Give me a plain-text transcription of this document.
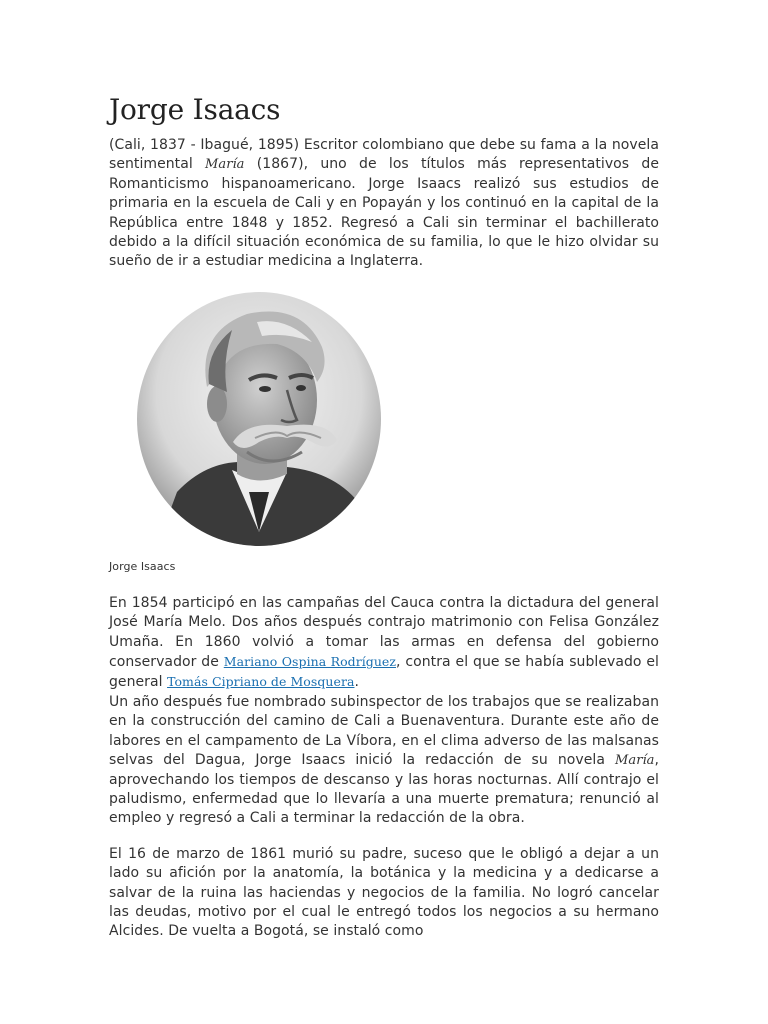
Jorge Isaacs

(Cali, 1837 - Ibagué, 1895) Escritor colombiano que debe su fama a la novela sentimental María (1867), uno de los títulos más representativos de Romanticismo hispanoamericano. Jorge Isaacs realizó sus estudios de primaria en la escuela de Cali y en Popayán y los continuó en la capital de la República entre 1848 y 1852. Regresó a Cali sin terminar el bachillerato debido a la difícil situación económica de su familia, lo que le hizo olvidar su sueño de ir a estudiar medicina a Inglaterra.

Jorge Isaacs

En 1854 participó en las campañas del Cauca contra la dictadura del general José María Melo. Dos años después contrajo matrimonio con Felisa González Umaña. En 1860 volvió a tomar las armas en defensa del gobierno conservador de Mariano Ospina Rodríguez, contra el que se había sublevado el general Tomás Cipriano de Mosquera.
Un año después fue nombrado subinspector de los trabajos que se realizaban en la construcción del camino de Cali a Buenaventura. Durante este año de labores en el campamento de La Víbora, en el clima adverso de las malsanas selvas del Dagua, Jorge Isaacs inició la redacción de su novela María, aprovechando los tiempos de descanso y las horas nocturnas. Allí contrajo el paludismo, enfermedad que lo llevaría a una muerte prematura; renunció al empleo y regresó a Cali a terminar la redacción de la obra.

El 16 de marzo de 1861 murió su padre, suceso que le obligó a dejar a un lado su afición por la anatomía, la botánica y la medicina y a dedicarse a salvar de la ruina las haciendas y negocios de la familia. No logró cancelar las deudas, motivo por el cual le entregó todos los negocios a su hermano Alcides. De vuelta a Bogotá, se instaló como
